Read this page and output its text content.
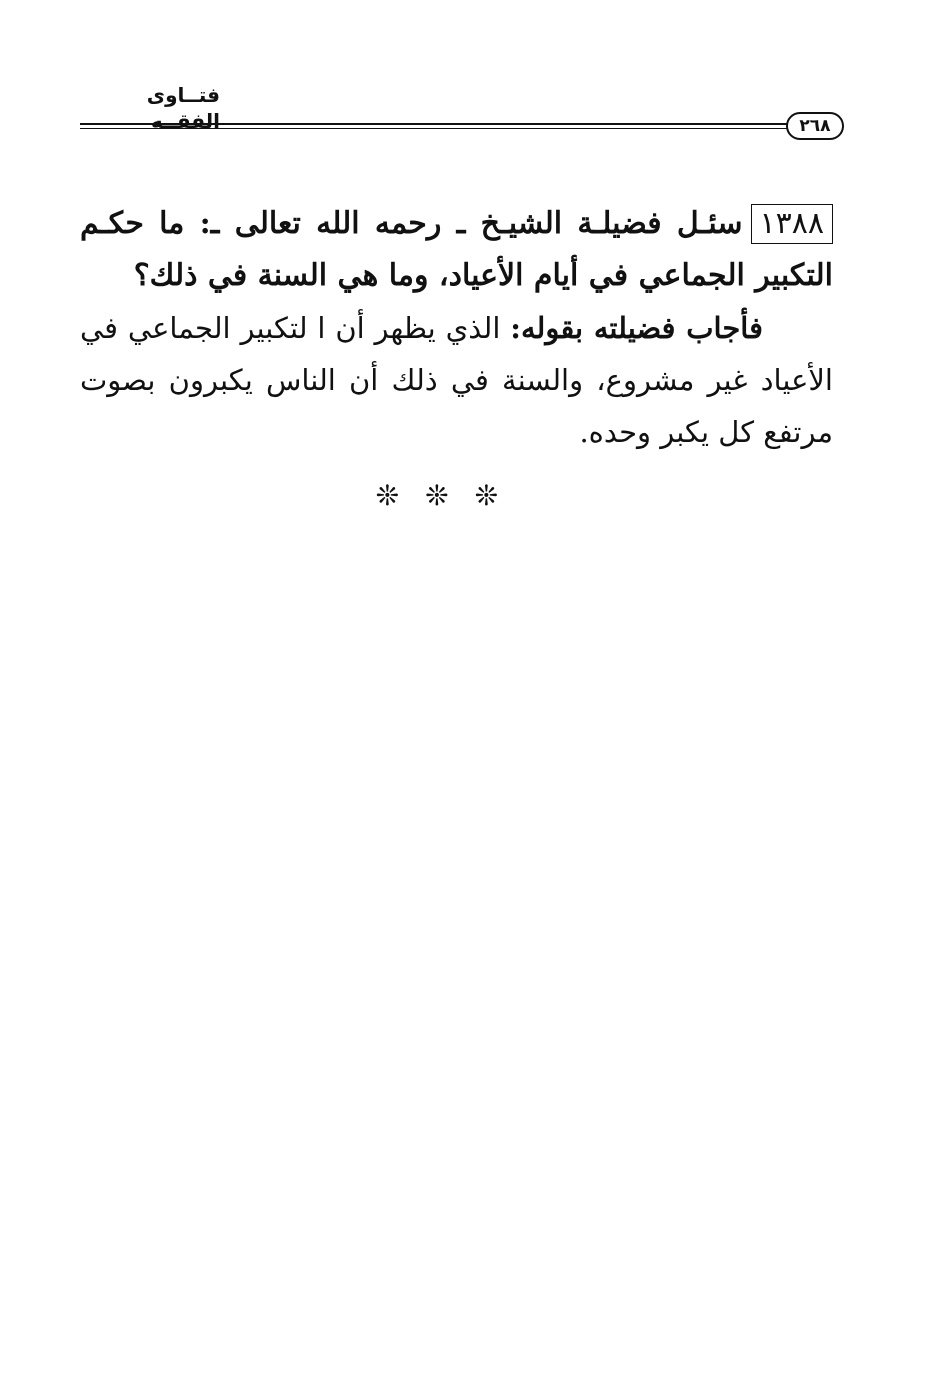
فتــاوى الفقــه	٢٦٨

١٣٨٨سئـل فضيلـة الشيـخ ـ رحمه الله تعالى ـ: ما حكـم التكبير الجماعي في أيام الأعياد، وما هي السنة في ذلك؟

فأجاب فضيلته بقوله: الذي يظهر أن ا لتكبير الجماعي في الأعياد غير مشروع، والسنة في ذلك أن الناس يكبرون بصوت مرتفع كل يكبر وحده.

❊❊❊
